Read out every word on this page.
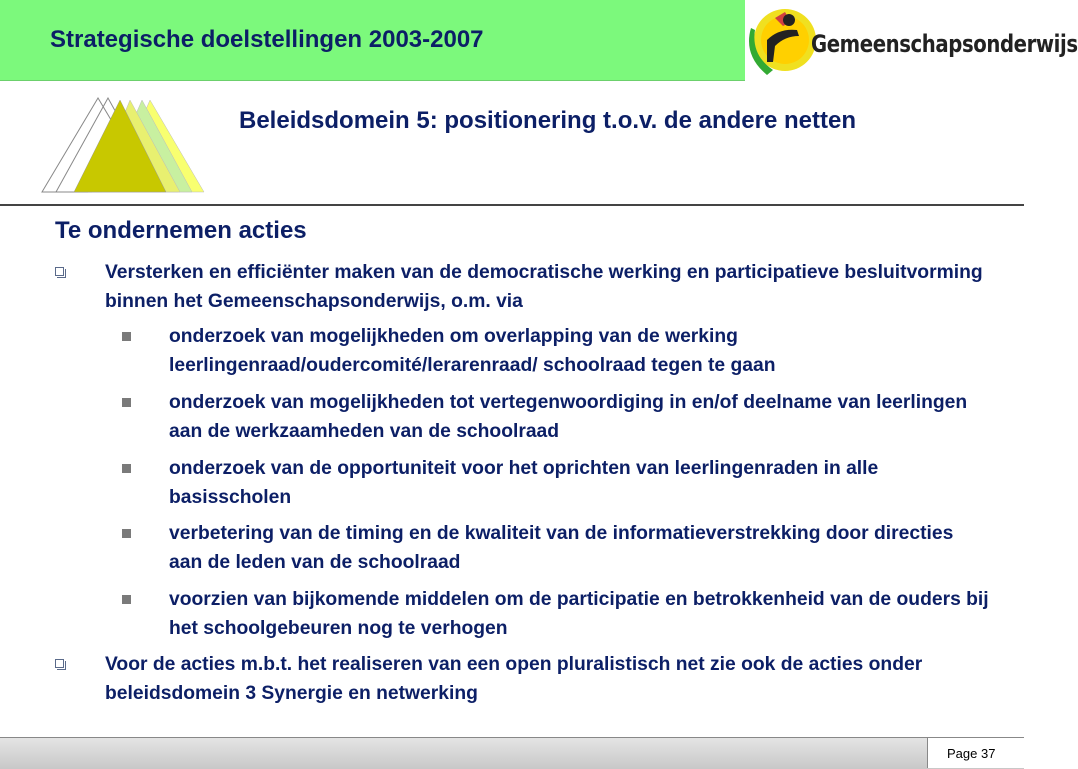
Strategische doelstellingen 2003-2007	Gemeenschapsonderwijs
Beleidsdomein 5: positionering t.o.v. de andere netten
Te ondernemen acties
Versterken en efficiënter maken van de democratische werking en participatieve besluitvorming binnen het Gemeenschapsonderwijs, o.m. via
onderzoek van mogelijkheden om overlapping van de werking leerlingenraad/oudercomité/lerarenraad/ schoolraad tegen te gaan
onderzoek van mogelijkheden tot vertegenwoordiging in en/of deelname van leerlingen aan de werkzaamheden van de schoolraad
onderzoek van de opportuniteit voor het oprichten van leerlingenraden in alle basisscholen
verbetering van de timing en de kwaliteit van de informatieverstrekking door directies aan de leden van de schoolraad
voorzien van bijkomende middelen om de participatie en betrokkenheid van de ouders bij het schoolgebeuren nog te verhogen
Voor de acties m.b.t. het realiseren van een open pluralistisch net zie ook de acties onder beleidsdomein 3 Synergie en netwerking
Page 37
